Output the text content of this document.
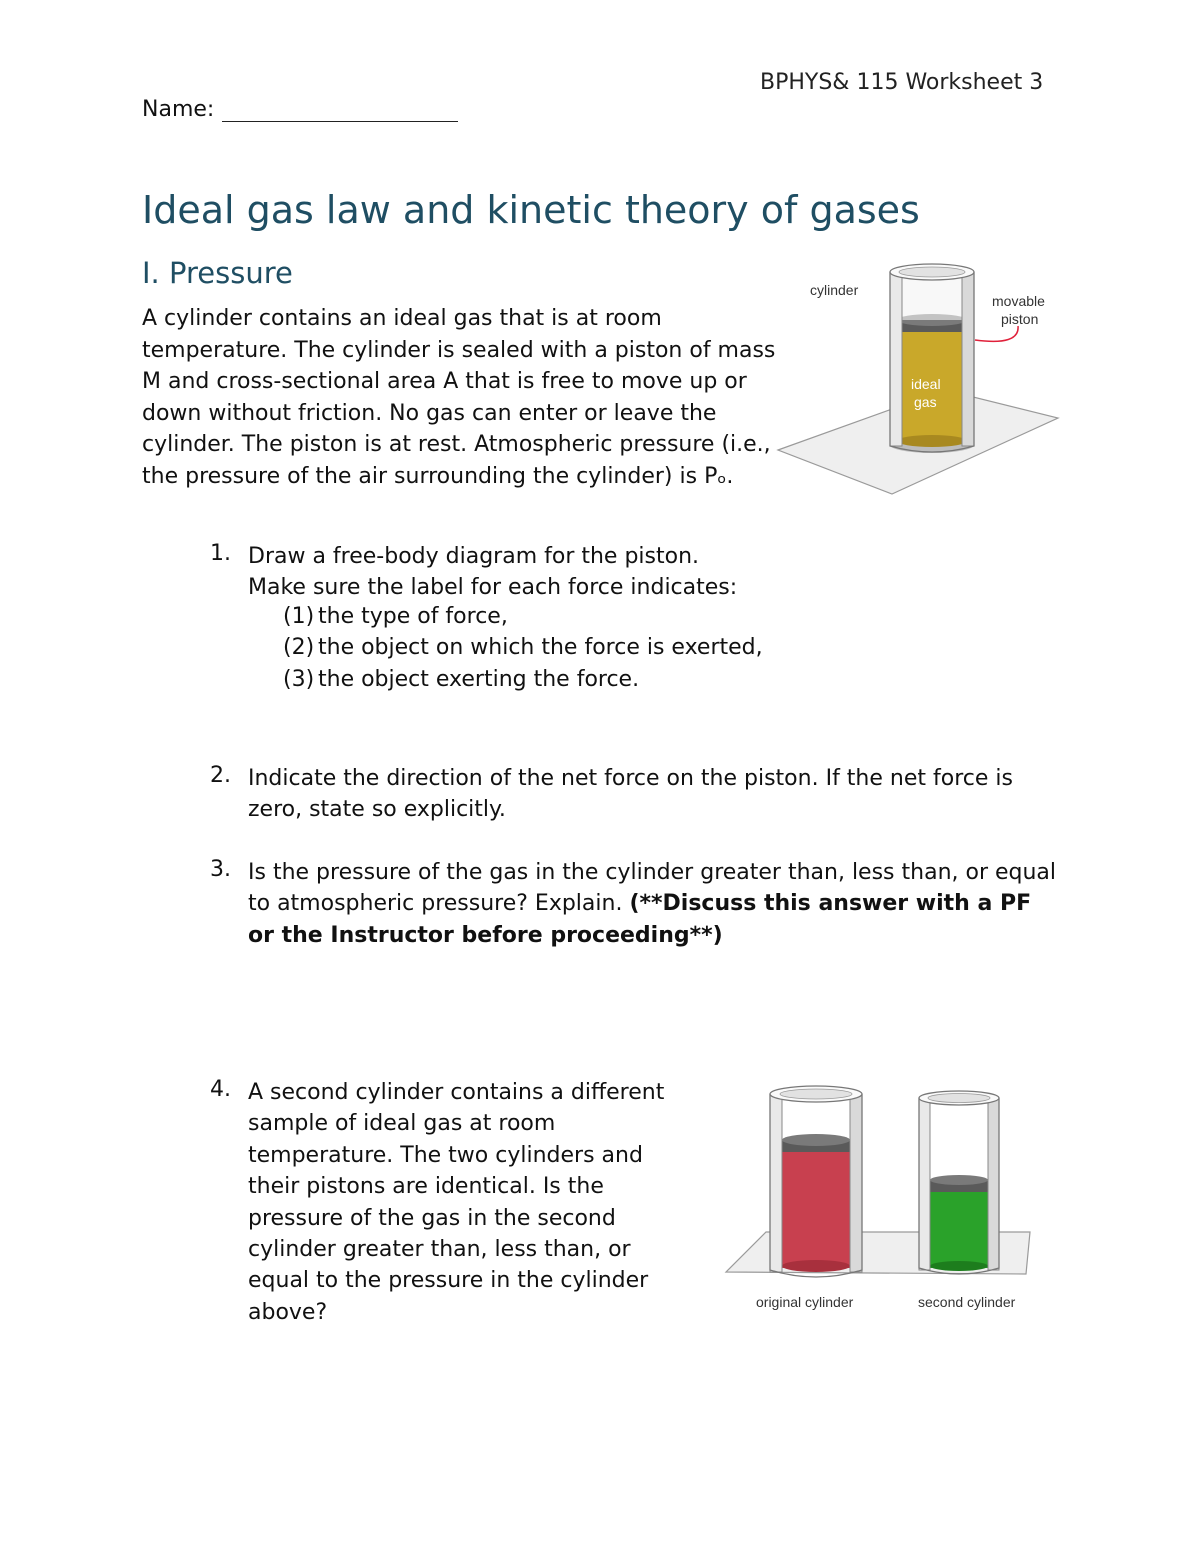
BPHYS& 115 Worksheet 3
Name:
Ideal gas law and kinetic theory of gases
I. Pressure

A cylinder contains an ideal gas that is at room temperature. The cylinder is sealed with a piston of mass M and cross-sectional area A that is free to move up or down without friction. No gas can enter or leave the cylinder. The piston is at rest. Atmospheric pressure (i.e., the pressure of the air surrounding the cylinder) is Pₒ.

cylinder
movable
piston
ideal
gas
1. Draw a free-body diagram for the piston.
Make sure the label for each force indicates:
(1) the type of force,
(2) the object on which the force is exerted,
(3) the object exerting the force.
2. Indicate the direction of the net force on the piston. If the net force is zero, state so explicitly.

3. Is the pressure of the gas in the cylinder greater than, less than, or equal to atmospheric pressure? Explain. (**Discuss this answer with a PF or the Instructor before proceeding**)

4. A second cylinder contains a different sample of ideal gas at room temperature. The two cylinders and their pistons are identical. Is the pressure of the gas in the second cylinder greater than, less than, or equal to the pressure in the cylinder above?	original cylinder	second cylinder
